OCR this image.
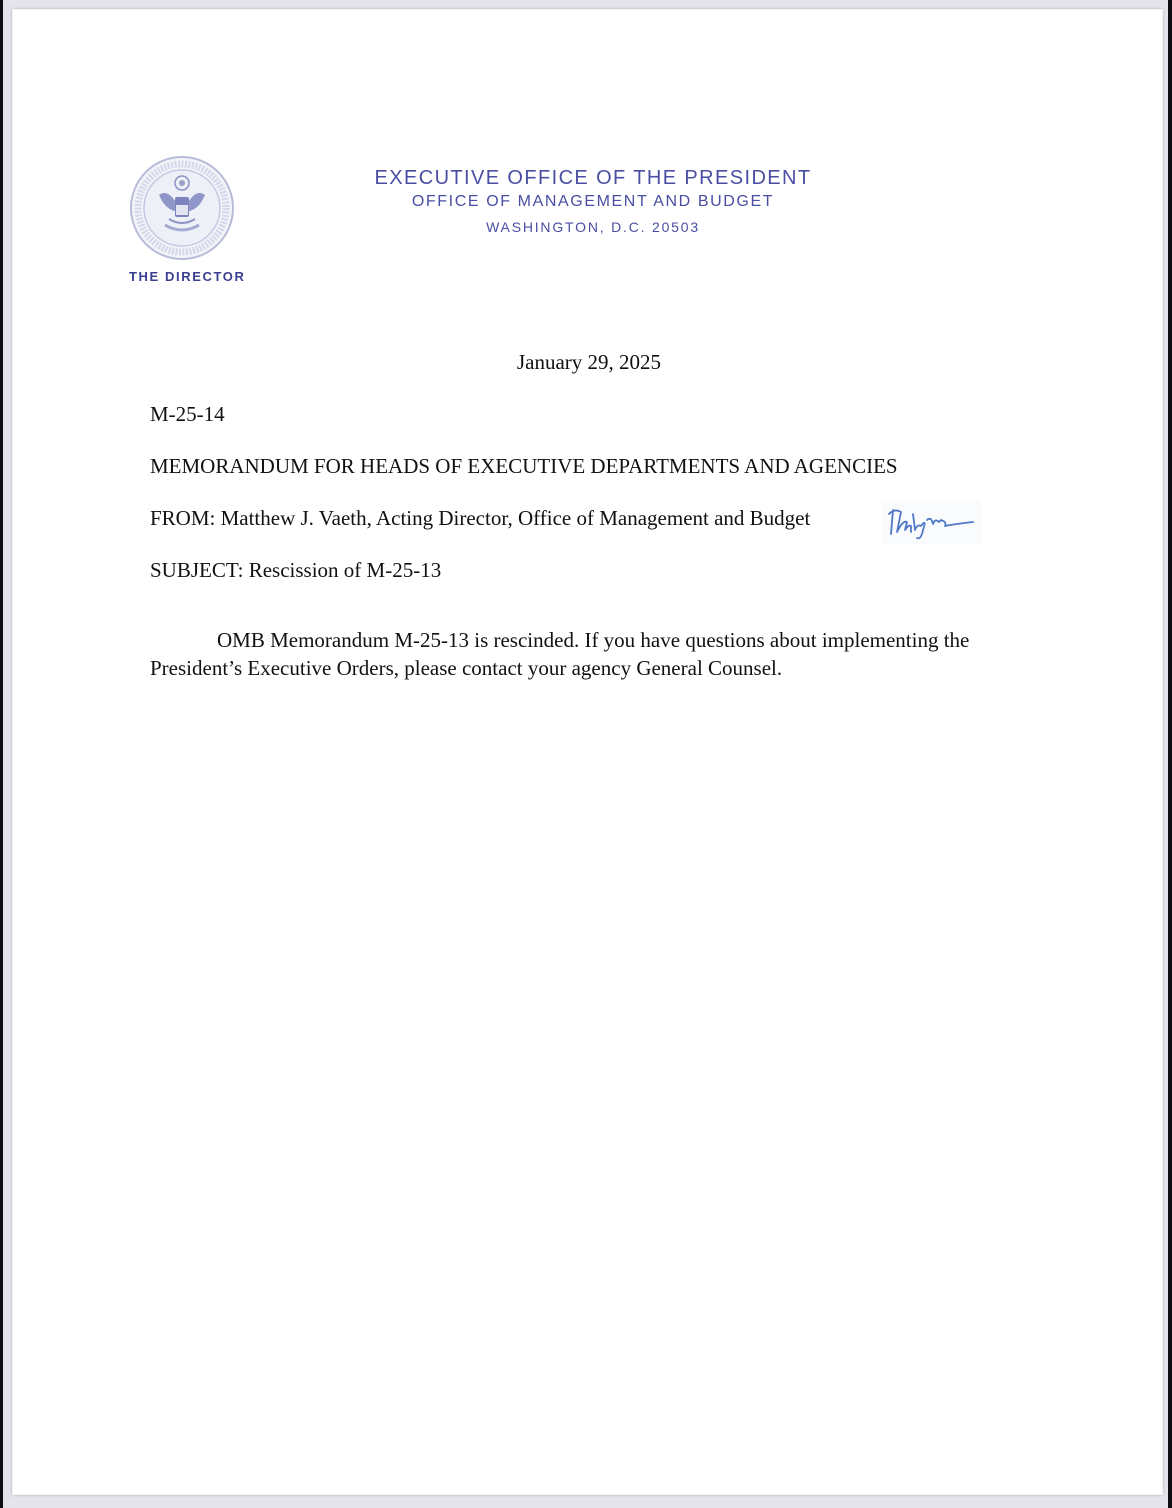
THE DIRECTOR
EXECUTIVE OFFICE OF THE PRESIDENT
OFFICE OF MANAGEMENT AND BUDGET
WASHINGTON, D.C. 20503
January 29, 2025
M-25-14
MEMORANDUM FOR HEADS OF EXECUTIVE DEPARTMENTS AND AGENCIES
FROM: Matthew J. Vaeth, Acting Director, Office of Management and Budget
SUBJECT: Rescission of M-25-13
OMB Memorandum M-25-13 is rescinded. If you have questions about implementing the President’s Executive Orders, please contact your agency General Counsel.
